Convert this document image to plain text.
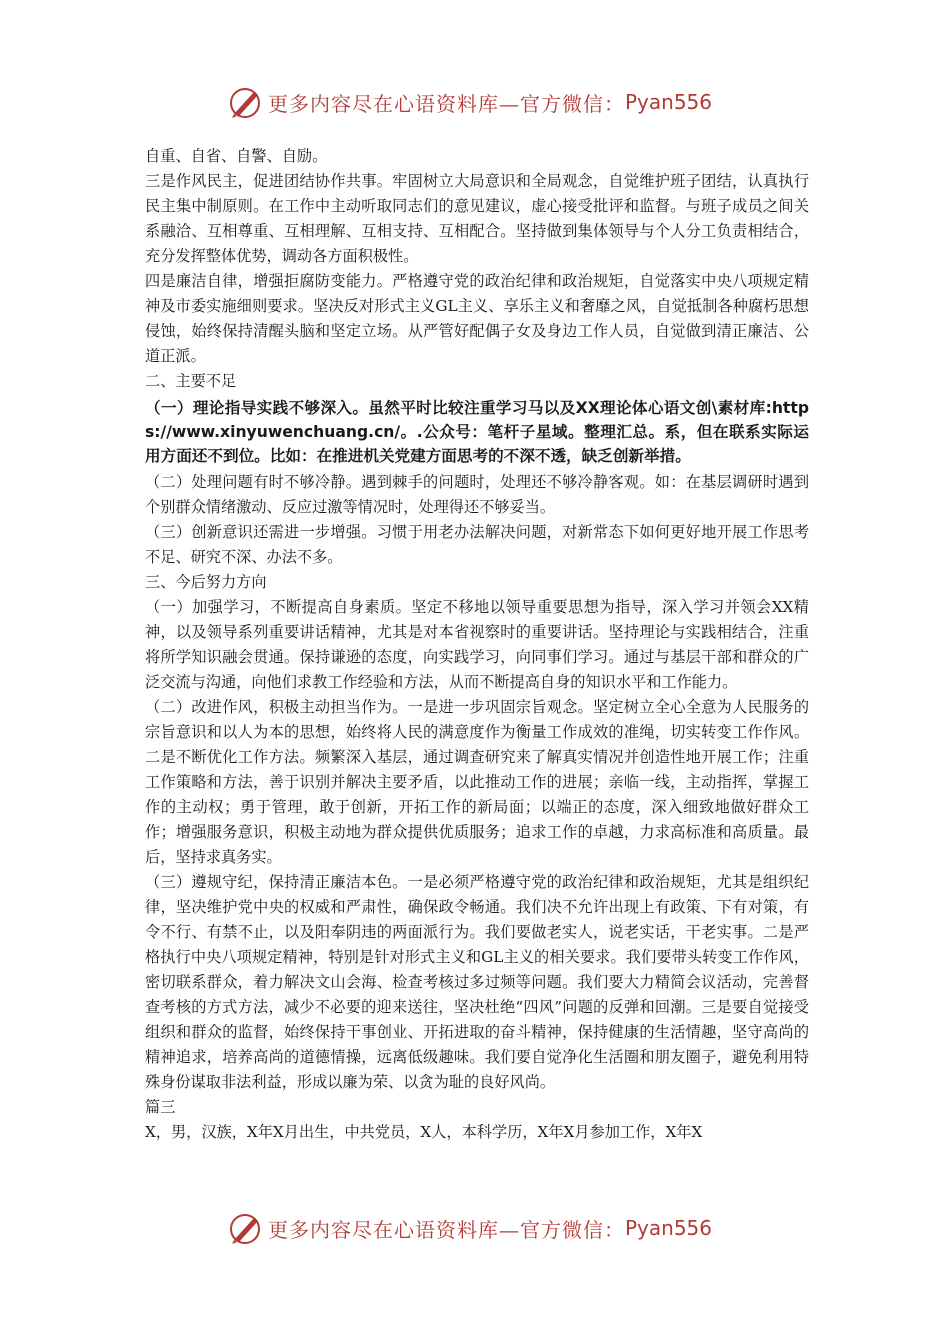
更多内容尽在心语资料库—官方微信： Pyan556

自重、自省、自警、自励。

三是作风民主，促进团结协作共事。牢固树立大局意识和全局观念，自觉维护班子团结，认真执行民主集中制原则。在工作中主动听取同志们的意见建议，虚心接受批评和监督。与班子成员之间关系融洽、互相尊重、互相理解、互相支持、互相配合。坚持做到集体领导与个人分工负责相结合，充分发挥整体优势，调动各方面积极性。

四是廉洁自律，增强拒腐防变能力。严格遵守党的政治纪律和政治规矩，自觉落实中央八项规定精神及市委实施细则要求。坚决反对形式主义GL主义、享乐主义和奢靡之风，自觉抵制各种腐朽思想侵蚀，始终保持清醒头脑和坚定立场。从严管好配偶子女及身边工作人员，自觉做到清正廉洁、公道正派。

二、主要不足

（一）理论指导实践不够深入。虽然平时比较注重学习马以及XX理论体心语文创\素材库:https://www.xinyuwenchuang.cn/。.公众号：笔杆子星域。整理汇总。系，但在联系实际运用方面还不到位。比如：在推进机关党建方面思考的不深不透，缺乏创新举措。

（二）处理问题有时不够冷静。遇到棘手的问题时，处理还不够冷静客观。如：在基层调研时遇到个别群众情绪激动、反应过激等情况时，处理得还不够妥当。

（三）创新意识还需进一步增强。习惯于用老办法解决问题，对新常态下如何更好地开展工作思考不足、研究不深、办法不多。

三、今后努力方向

（一）加强学习，不断提高自身素质。坚定不移地以领导重要思想为指导，深入学习并领会XX精神，以及领导系列重要讲话精神，尤其是对本省视察时的重要讲话。坚持理论与实践相结合，注重将所学知识融会贯通。保持谦逊的态度，向实践学习，向同事们学习。通过与基层干部和群众的广泛交流与沟通，向他们求教工作经验和方法，从而不断提高自身的知识水平和工作能力。

（二）改进作风，积极主动担当作为。一是进一步巩固宗旨观念。坚定树立全心全意为人民服务的宗旨意识和以人为本的思想，始终将人民的满意度作为衡量工作成效的准绳，切实转变工作作风。二是不断优化工作方法。频繁深入基层，通过调查研究来了解真实情况并创造性地开展工作；注重工作策略和方法，善于识别并解决主要矛盾，以此推动工作的进展；亲临一线，主动指挥，掌握工作的主动权；勇于管理，敢于创新，开拓工作的新局面；以端正的态度，深入细致地做好群众工作；增强服务意识，积极主动地为群众提供优质服务；追求工作的卓越，力求高标准和高质量。最后，坚持求真务实。

（三）遵规守纪，保持清正廉洁本色。一是必须严格遵守党的政治纪律和政治规矩，尤其是组织纪律，坚决维护党中央的权威和严肃性，确保政令畅通。我们决不允许出现上有政策、下有对策，有令不行、有禁不止，以及阳奉阴违的两面派行为。我们要做老实人，说老实话，干老实事。二是严格执行中央八项规定精神，特别是针对形式主义和GL主义的相关要求。我们要带头转变工作作风，密切联系群众，着力解决文山会海、检查考核过多过频等问题。我们要大力精简会议活动，完善督查考核的方式方法，减少不必要的迎来送往，坚决杜绝“四风”问题的反弹和回潮。三是要自觉接受组织和群众的监督，始终保持干事创业、开拓进取的奋斗精神，保持健康的生活情趣，坚守高尚的精神追求，培养高尚的道德情操，远离低级趣味。我们要自觉净化生活圈和朋友圈子，避免利用特殊身份谋取非法利益，形成以廉为荣、以贪为耻的良好风尚。

篇三

X，男，汉族，X年X月出生，中共党员，X人，本科学历，X年X月参加工作，X年X

更多内容尽在心语资料库—官方微信： Pyan556
